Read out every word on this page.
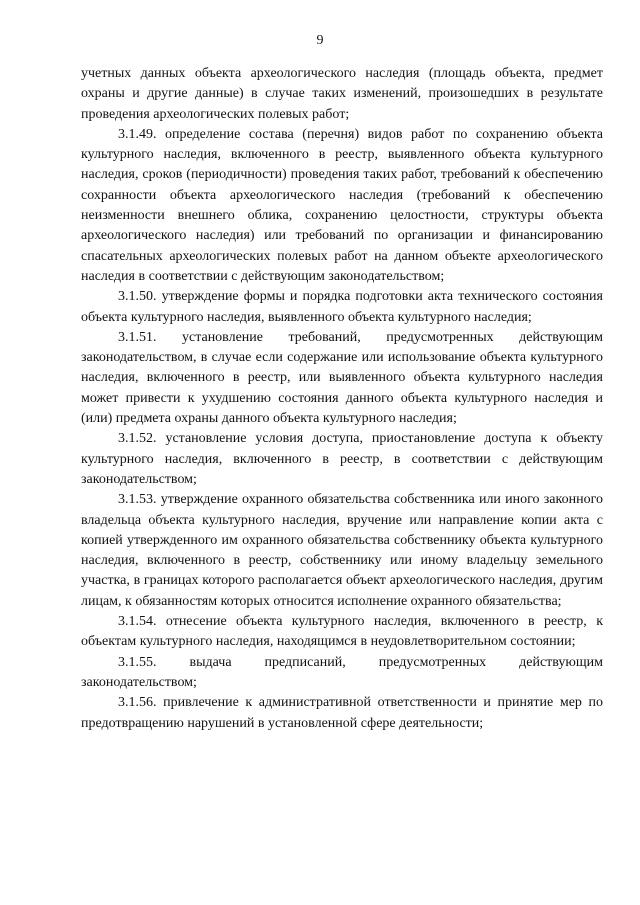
9

учетных данных объекта археологического наследия (площадь объекта, предмет охраны и другие данные) в случае таких изменений, произошедших в результате проведения археологических полевых работ;

3.1.49. определение состава (перечня) видов работ по сохранению объекта культурного наследия, включенного в реестр, выявленного объекта культурного наследия, сроков (периодичности) проведения таких работ, требований к обеспечению сохранности объекта археологического наследия (требований к обеспечению неизменности внешнего облика, сохранению целостности, структуры объекта археологического наследия) или требований по организации и финансированию спасательных археологических полевых работ на данном объекте археологического наследия в соответствии с действующим законодательством;

3.1.50. утверждение формы и порядка подготовки акта технического состояния объекта культурного наследия, выявленного объекта культурного наследия;

3.1.51. установление требований, предусмотренных действующим законодательством, в случае если содержание или использование объекта культурного наследия, включенного в реестр, или выявленного объекта культурного наследия может привести к ухудшению состояния данного объекта культурного наследия и (или) предмета охраны данного объекта культурного наследия;

3.1.52. установление условия доступа, приостановление доступа к объекту культурного наследия, включенного в реестр, в соответствии с действующим законодательством;

3.1.53. утверждение охранного обязательства собственника или иного законного владельца объекта культурного наследия, вручение или направление копии акта с копией утвержденного им охранного обязательства собственнику объекта культурного наследия, включенного в реестр, собственнику или иному владельцу земельного участка, в границах которого располагается объект археологического наследия, другим лицам, к обязанностям которых относится исполнение охранного обязательства;

3.1.54. отнесение объекта культурного наследия, включенного в реестр, к объектам культурного наследия, находящимся в неудовлетворительном состоянии;

3.1.55. выдача предписаний, предусмотренных действующим законодательством;

3.1.56. привлечение к административной ответственности и принятие мер по предотвращению нарушений в установленной сфере деятельности;
